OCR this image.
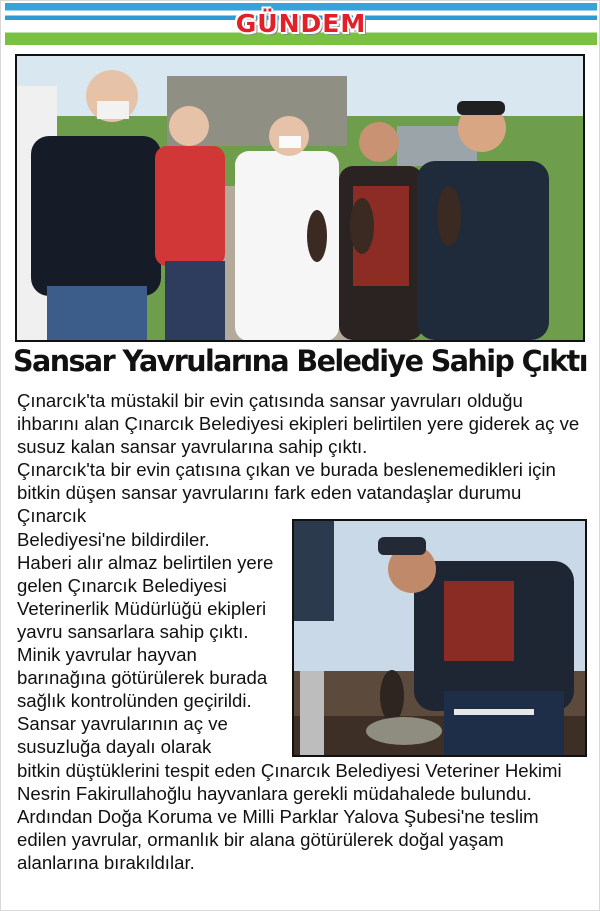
GÜNDEM
Sansar Yavrularına Belediye Sahip Çıktı

Çınarcık'ta müstakil bir evin çatısında sansar yavruları olduğu ihbarını alan Çınarcık Belediyesi ekipleri belirtilen yere giderek aç ve susuz kalan sansar yavrularına sahip çıktı.

Çınarcık'ta bir evin çatısına çıkan ve burada beslenemedikleri için bitkin düşen sansar yavrularını fark eden vatandaşlar durumu Çınarcık

Belediyesi'ne bildirdiler.

Haberi alır almaz belirtilen yere gelen Çınarcık Belediyesi Veterinerlik Müdürlüğü ekipleri yavru sansarlara sahip çıktı. Minik yavrular hayvan barınağına götürülerek burada sağlık kontrolünden geçirildi.

Sansar yavrularının aç ve susuzluğa dayalı olarak

bitkin düştüklerini tespit eden Çınarcık Belediyesi Veteriner Hekimi Nesrin Fakirullahoğlu hayvanlara gerekli müdahalede bulundu. Ardından Doğa Koruma ve Milli Parklar Yalova Şubesi'ne teslim edilen yavrular, ormanlık bir alana götürülerek doğal yaşam alanlarına bırakıldılar.
